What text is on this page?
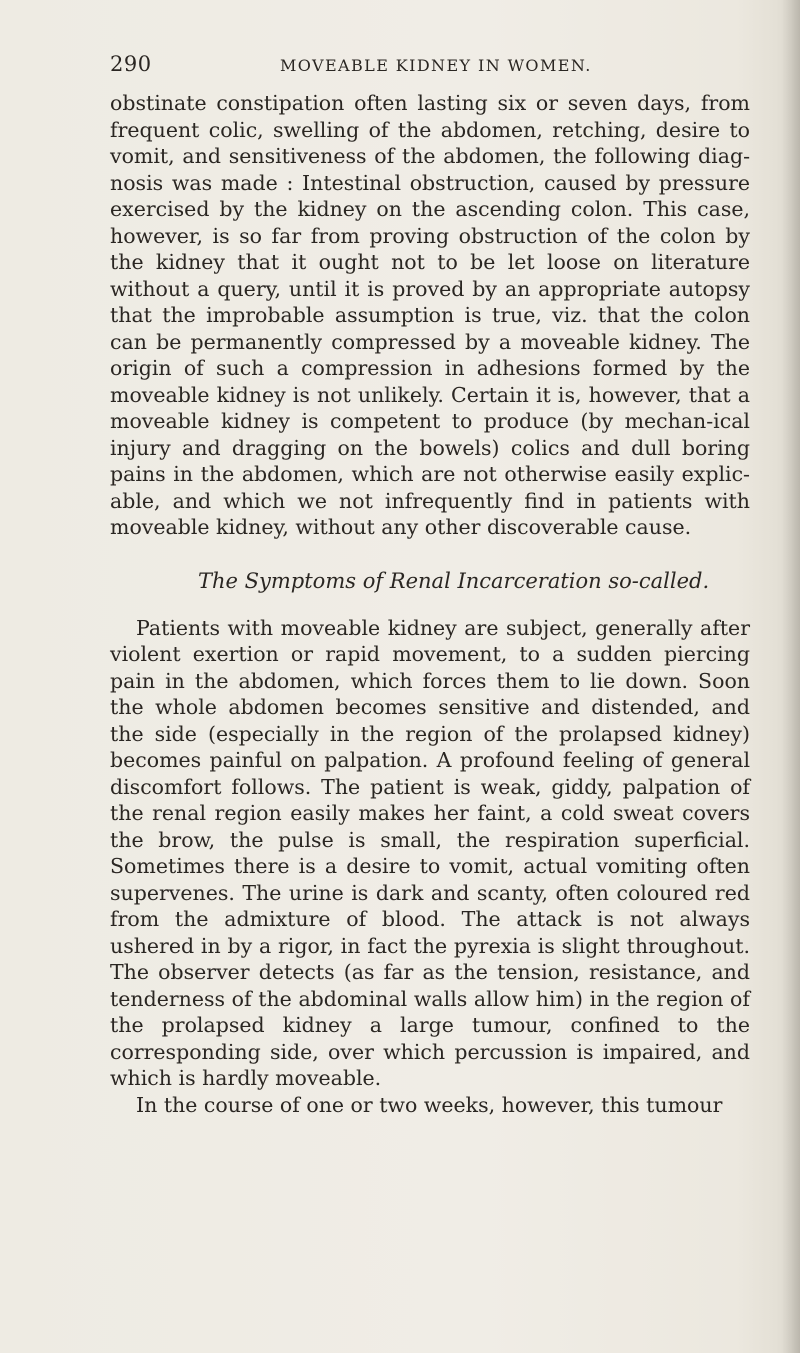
290	MOVEABLE KIDNEY IN WOMEN.

obstinate constipation often lasting six or seven days, from frequent colic, swelling of the abdomen, retching, desire to vomit, and sensitiveness of the abdomen, the following diag-nosis was made : Intestinal obstruction, caused by pressure exercised by the kidney on the ascending colon. This case, however, is so far from proving obstruction of the colon by the kidney that it ought not to be let loose on literature without a query, until it is proved by an appropriate autopsy that the improbable assumption is true, viz. that the colon can be permanently compressed by a moveable kidney. The origin of such a compression in adhesions formed by the moveable kidney is not unlikely. Certain it is, however, that a moveable kidney is competent to produce (by mechan-ical injury and dragging on the bowels) colics and dull boring pains in the abdomen, which are not otherwise easily explic-able, and which we not infrequently find in patients with moveable kidney, without any other discoverable cause.

The Symptoms of Renal Incarceration so-called.

Patients with moveable kidney are subject, generally after violent exertion or rapid movement, to a sudden piercing pain in the abdomen, which forces them to lie down. Soon the whole abdomen becomes sensitive and distended, and the side (especially in the region of the prolapsed kidney) becomes painful on palpation. A profound feeling of general discomfort follows. The patient is weak, giddy, palpation of the renal region easily makes her faint, a cold sweat covers the brow, the pulse is small, the respiration superficial. Sometimes there is a desire to vomit, actual vomiting often supervenes. The urine is dark and scanty, often coloured red from the admixture of blood. The attack is not always ushered in by a rigor, in fact the pyrexia is slight throughout. The observer detects (as far as the tension, resistance, and tenderness of the abdominal walls allow him) in the region of the prolapsed kidney a large tumour, confined to the corresponding side, over which percussion is impaired, and which is hardly moveable.

In the course of one or two weeks, however, this tumour
